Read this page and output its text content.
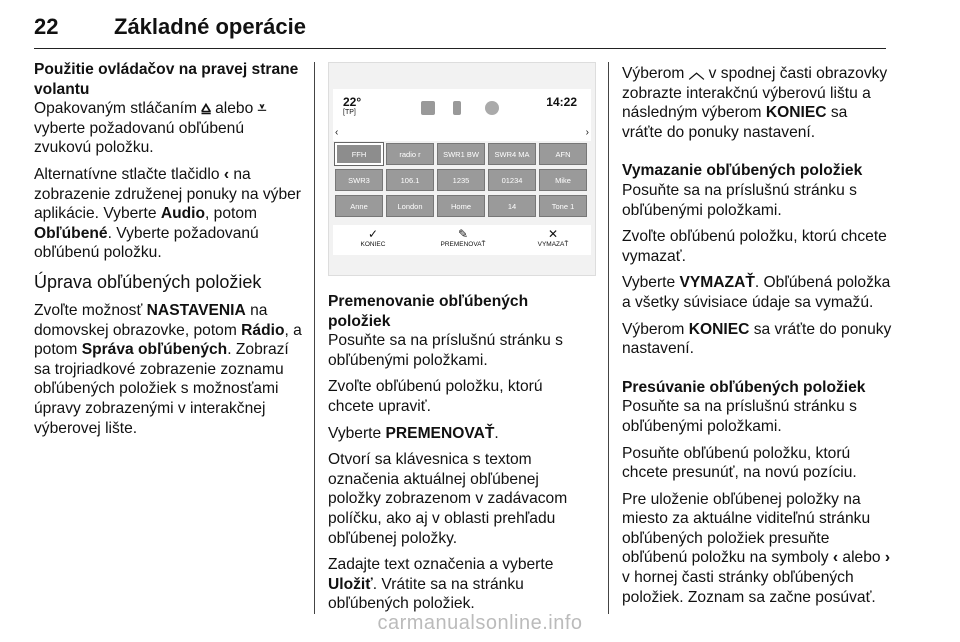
22	Základné operácie

Použitie ovládačov na pravej strane volantu

Opakovaným stláčaním ⩠ alebo ⩡ vyberte požadovanú obľúbenú zvukovú položku.

Alternatívne stlačte tlačidlo ‹ na zobrazenie združenej ponuky na výber aplikácie. Vyberte Audio, potom Obľúbené. Vyberte požadovanú obľúbenú položku.

Úprava obľúbených položiek

Zvoľte možnosť NASTAVENIA na domovskej obrazovke, potom Rádio, a potom Správa obľúbených. Zobrazí sa trojriadkové zobrazenie zoznamu obľúbených položiek s možnosťami úpravy zobrazenými v interakčnej výberovej lište.

22°
[TP]
14:22
‹	›
FFH	radio r	SWR1 BW	SWR4 MA	AFN
SWR3	106.1	1235	01234	Mike
Anne	London	Home	14	Tone 1
✓
KONIEC
✎
PREMENOVAŤ
✕
VYMAZAŤ

Premenovanie obľúbených položiek

Posuňte sa na príslušnú stránku s obľúbenými položkami.

Zvoľte obľúbenú položku, ktorú chcete upraviť.

Vyberte PREMENOVAŤ.

Otvorí sa klávesnica s textom označenia aktuálnej obľúbenej položky zobrazenom v zadávacom políčku, ako aj v oblasti prehľadu obľúbenej položky.

Zadajte text označenia a vyberte Uložiť. Vrátite sa na stránku obľúbených položiek.

Výberom ︿ v spodnej časti obrazovky zobrazte interakčnú výberovú lištu a následným výberom KONIEC sa vráťte do ponuky nastavení.

Vymazanie obľúbených položiek

Posuňte sa na príslušnú stránku s obľúbenými položkami.

Zvoľte obľúbenú položku, ktorú chcete vymazať.

Vyberte VYMAZAŤ. Obľúbená položka a všetky súvisiace údaje sa vymažú.

Výberom KONIEC sa vráťte do ponuky nastavení.

Presúvanie obľúbených položiek

Posuňte sa na príslušnú stránku s obľúbenými položkami.

Posuňte obľúbenú položku, ktorú chcete presunúť, na novú pozíciu.

Pre uloženie obľúbenej položky na miesto za aktuálne viditeľnú stránku obľúbených položiek presuňte obľúbenú položku na symboly ‹ alebo › v hornej časti stránky obľúbených položiek. Zoznam sa začne posúvať.

carmanualsonline.info
